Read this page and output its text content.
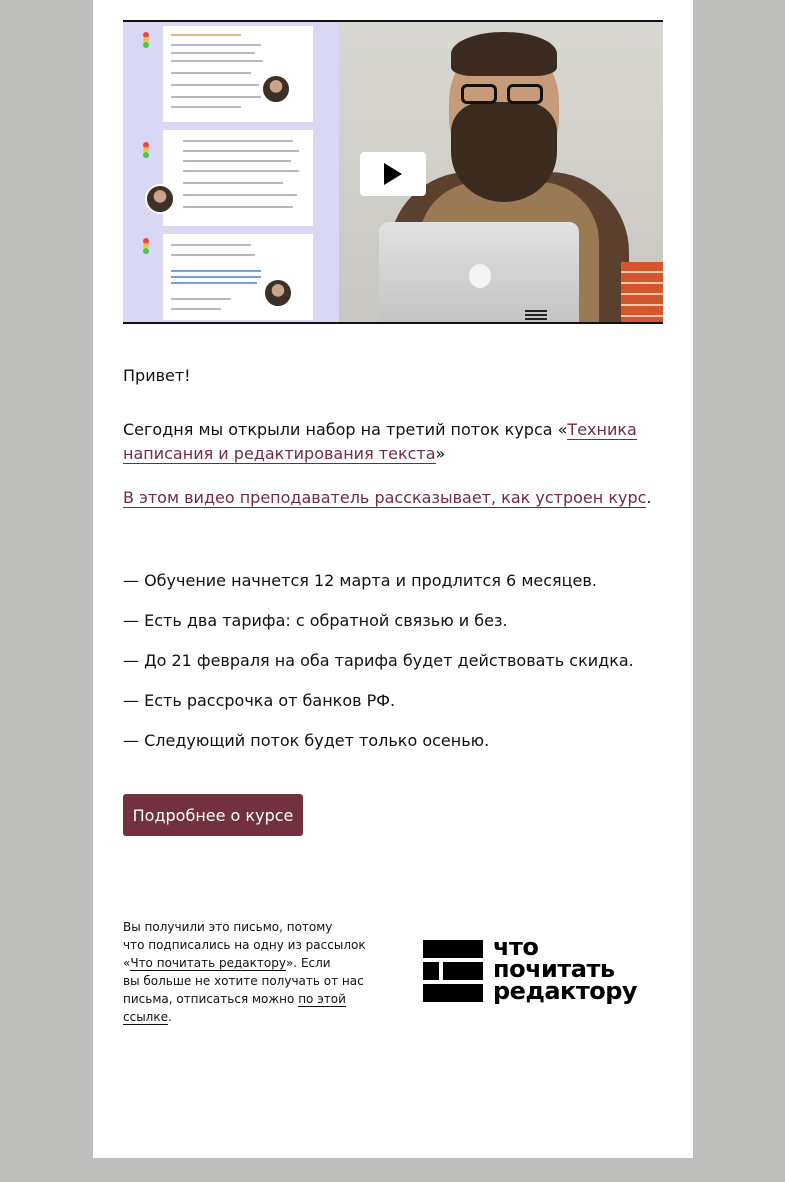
Привет!
Сегодня мы открыли набор на третий поток курса «Техника написания и редактирования текста»
В этом видео преподаватель рассказывает, как устроен курс.

— Обучение начнется 12 марта и продлится 6 месяцев.

— Есть два тарифа: с обратной связью и без.

— До 21 февраля на оба тарифа будет действовать скидка.

— Есть рассрочка от банков РФ.

— Следующий поток будет только осенью.

Подробнее о курсе
Вы получили это письмо, потому
что подписались на одну из рассылок
«Что почитать редактору». Если
вы больше не хотите получать от нас
письма, отписаться можно по этой ссылке.
что
почитать
редактору
